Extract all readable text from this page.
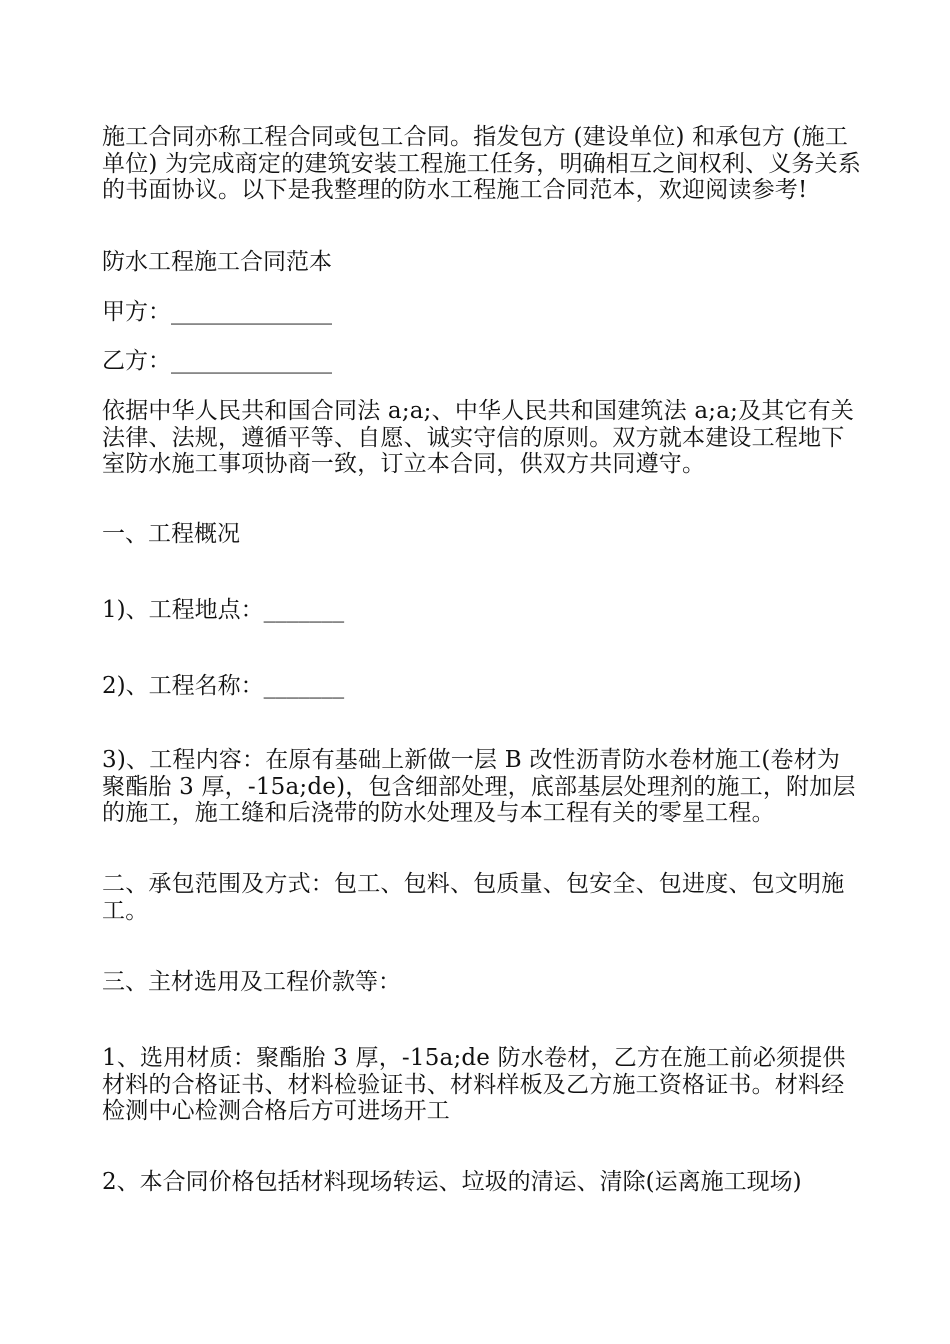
施工合同亦称工程合同或包工合同。指发包方 (建设单位) 和承包方 (施工单位) 为完成商定的建筑安装工程施工任务，明确相互之间权利、义务关系的书面协议。以下是我整理的防水工程施工合同范本，欢迎阅读参考!

防水工程施工合同范本

甲方：______________

乙方：______________

依据中华人民共和国合同法 a;a;、中华人民共和国建筑法 a;a;及其它有关法律、法规，遵循平等、自愿、诚实守信的原则。双方就本建设工程地下室防水施工事项协商一致，订立本合同，供双方共同遵守。

一、工程概况

1)、工程地点：_______

2)、工程名称：_______

3)、工程内容：在原有基础上新做一层 B 改性沥青防水卷材施工(卷材为聚酯胎 3 厚，-15a;de)，包含细部处理，底部基层处理剂的施工，附加层的施工，施工缝和后浇带的防水处理及与本工程有关的零星工程。

二、承包范围及方式：包工、包料、包质量、包安全、包进度、包文明施工。

三、主材选用及工程价款等：

1、选用材质：聚酯胎 3 厚，-15a;de 防水卷材，乙方在施工前必须提供材料的合格证书、材料检验证书、材料样板及乙方施工资格证书。材料经检测中心检测合格后方可进场开工

2、本合同价格包括材料现场转运、垃圾的清运、清除(运离施工现场)
